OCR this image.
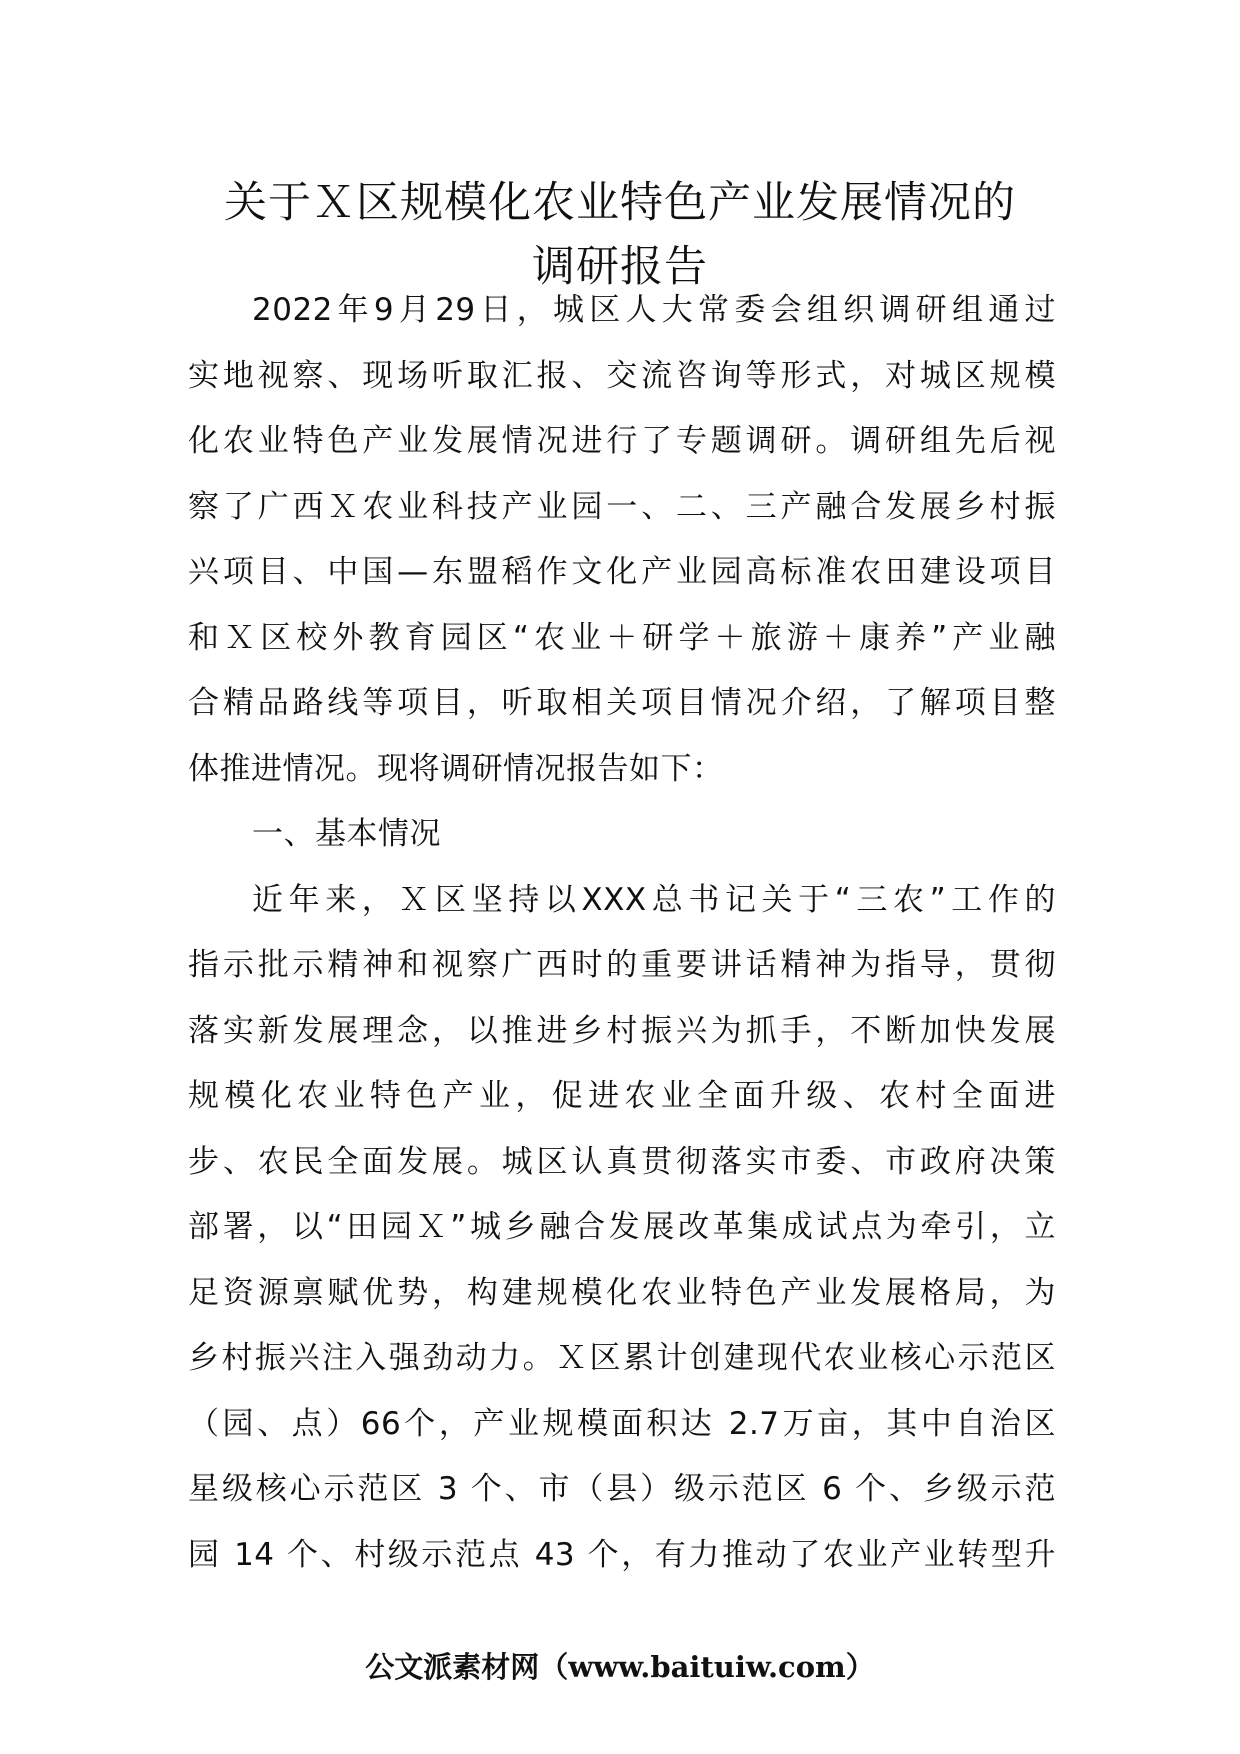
关于Ｘ区规模化农业特色产业发展情况的
调研报告
2022年9月29日，城区人大常委会组织调研组通过
实地视察、现场听取汇报、交流咨询等形式，对城区规模
化农业特色产业发展情况进行了专题调研。调研组先后视
察了广西Ｘ农业科技产业园一、二、三产融合发展乡村振
兴项目、中国—东盟稻作文化产业园高标准农田建设项目
和Ｘ区校外教育园区“农业＋研学＋旅游＋康养”产业融
合精品路线等项目，听取相关项目情况介绍，了解项目整
体推进情况。现将调研情况报告如下：
一、基本情况
近年来，Ｘ区坚持以XXX总书记关于“三农”工作的
指示批示精神和视察广西时的重要讲话精神为指导，贯彻
落实新发展理念，以推进乡村振兴为抓手，不断加快发展
规模化农业特色产业，促进农业全面升级、农村全面进
步、农民全面发展。城区认真贯彻落实市委、市政府决策
部署，以“田园Ｘ”城乡融合发展改革集成试点为牵引，立
足资源禀赋优势，构建规模化农业特色产业发展格局，为
乡村振兴注入强劲动力。Ｘ区累计创建现代农业核心示范区
（园、点）66个，产业规模面积达 2.7万亩，其中自治区
星级核心示范区 3 个、市（县）级示范区 6 个、乡级示范
园 14 个、村级示范点 43 个，有力推动了农业产业转型升
公文派素材网（www.baituiw.com）
